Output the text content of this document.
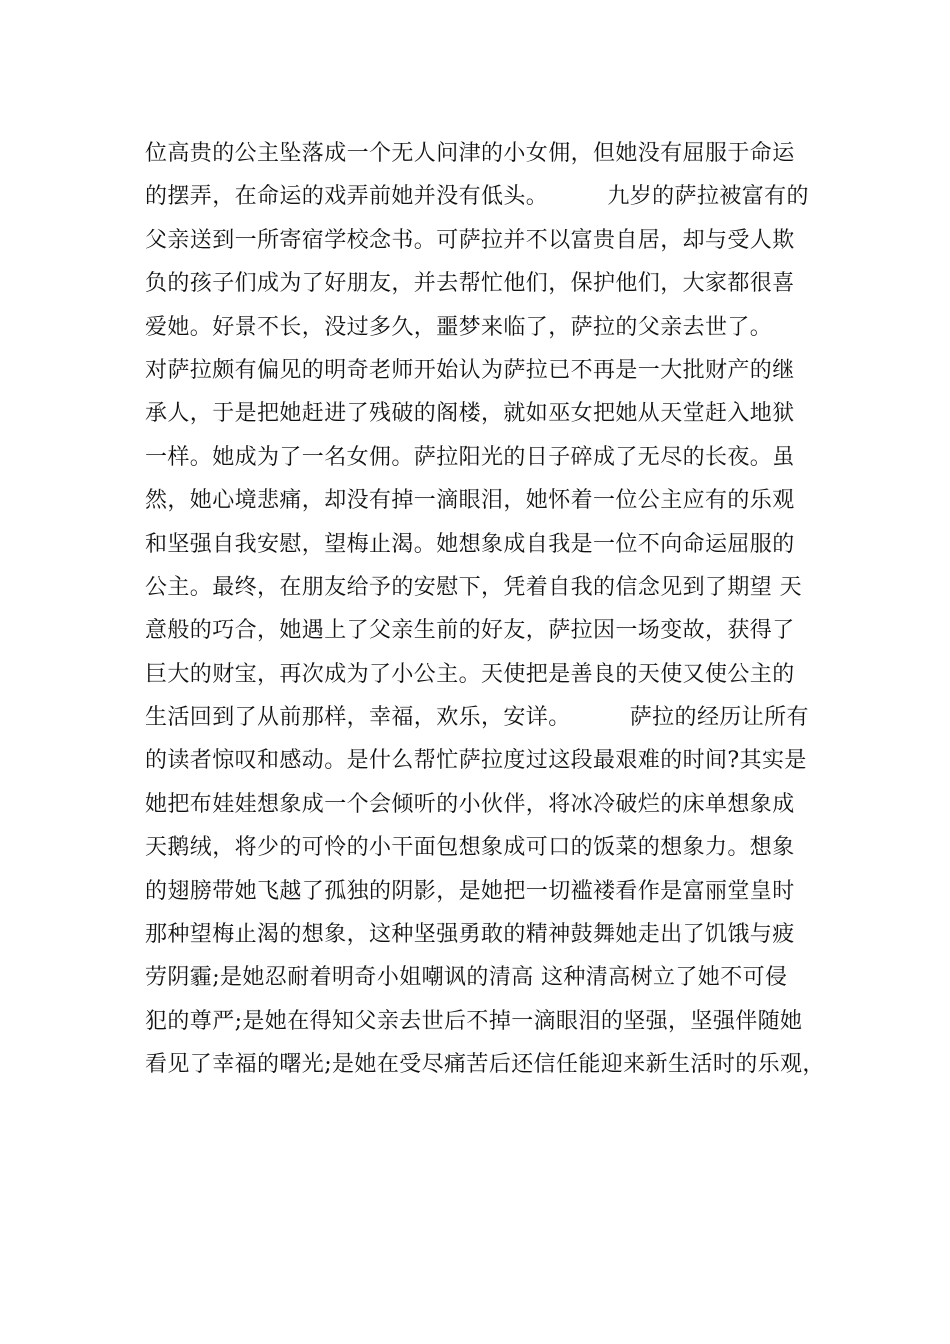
位高贵的公主坠落成一个无人问津的小女佣，但她没有屈服于命运
的摆弄，在命运的戏弄前她并没有低头。        九岁的萨拉被富有的
父亲送到一所寄宿学校念书。可萨拉并不以富贵自居，却与受人欺
负的孩子们成为了好朋友，并去帮忙他们，保护他们，大家都很喜
爱她。好景不长，没过多久，噩梦来临了，萨拉的父亲去世了。
对萨拉颇有偏见的明奇老师开始认为萨拉已不再是一大批财产的继
承人，于是把她赶进了残破的阁楼，就如巫女把她从天堂赶入地狱
一样。她成为了一名女佣。萨拉阳光的日子碎成了无尽的长夜。虽
然，她心境悲痛，却没有掉一滴眼泪，她怀着一位公主应有的乐观
和坚强自我安慰，望梅止渴。她想象成自我是一位不向命运屈服的
公主。最终，在朋友给予的安慰下，凭着自我的信念见到了期望 天
意般的巧合，她遇上了父亲生前的好友，萨拉因一场变故，获得了
巨大的财宝，再次成为了小公主。天使把是善良的天使又使公主的
生活回到了从前那样，幸福，欢乐，安详。        萨拉的经历让所有
的读者惊叹和感动。是什么帮忙萨拉度过这段最艰难的时间?其实是
她把布娃娃想象成一个会倾听的小伙伴，将冰冷破烂的床单想象成
天鹅绒，将少的可怜的小干面包想象成可口的饭菜的想象力。想象
的翅膀带她飞越了孤独的阴影，是她把一切褴褛看作是富丽堂皇时
那种望梅止渴的想象，这种坚强勇敢的精神鼓舞她走出了饥饿与疲
劳阴霾;是她忍耐着明奇小姐嘲讽的清高 这种清高树立了她不可侵
犯的尊严;是她在得知父亲去世后不掉一滴眼泪的坚强，坚强伴随她
看见了幸福的曙光;是她在受尽痛苦后还信任能迎来新生活时的乐观，
